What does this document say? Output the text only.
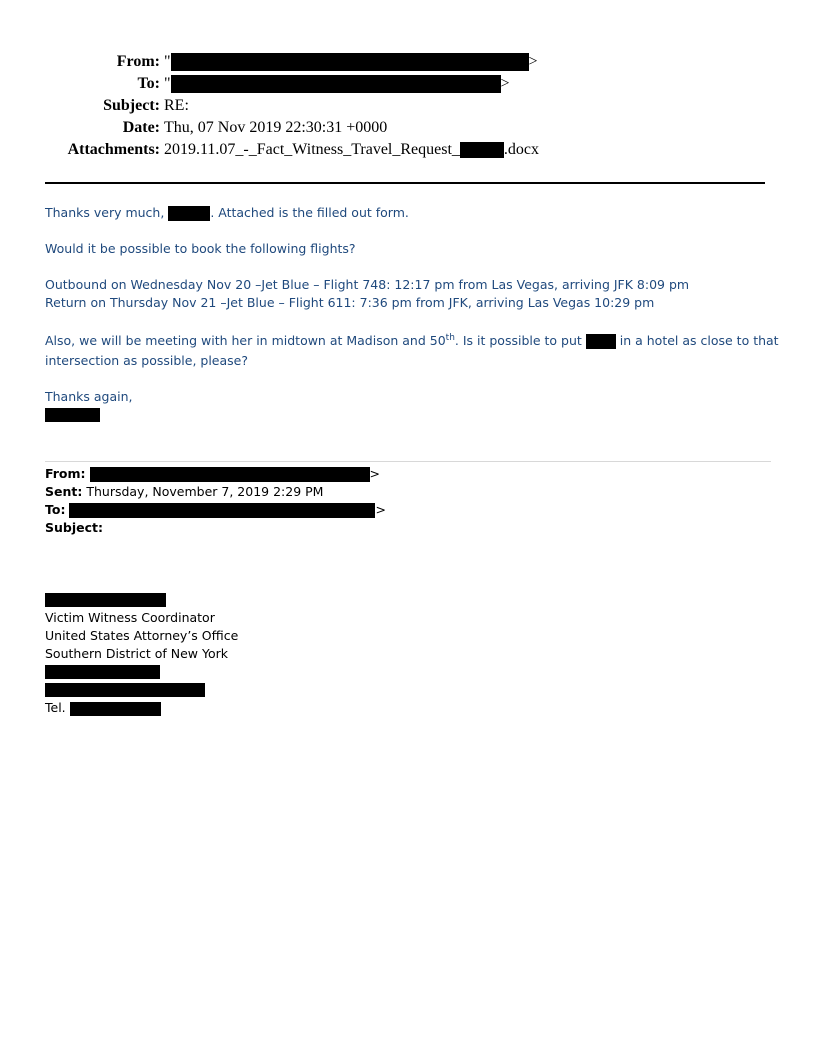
From: "	>
To: "	>
Subject: RE:
Date: Thu, 07 Nov 2019 22:30:31 +0000
Attachments: 2019.11.07_-_Fact_Witness_Travel_Request_	.docx
Thanks very much,	. Attached is the filled out form.
Would it be possible to book the following flights?
Outbound on Wednesday Nov 20 –Jet Blue – Flight 748: 12:17 pm from Las Vegas, arriving JFK 8:09 pm
Return on Thursday Nov 21 –Jet Blue – Flight 611: 7:36 pm from JFK, arriving Las Vegas 10:29 pm
Also, we will be meeting with her in midtown at Madison and 50th. Is it possible to put  in a hotel as close to that
intersection as possible, please?
Thanks again,
From:	>
Sent: Thursday, November 7, 2019 2:29 PM
To:	>
Subject:
Victim Witness Coordinator
United States Attorney’s Office
Southern District of New York
Tel.
